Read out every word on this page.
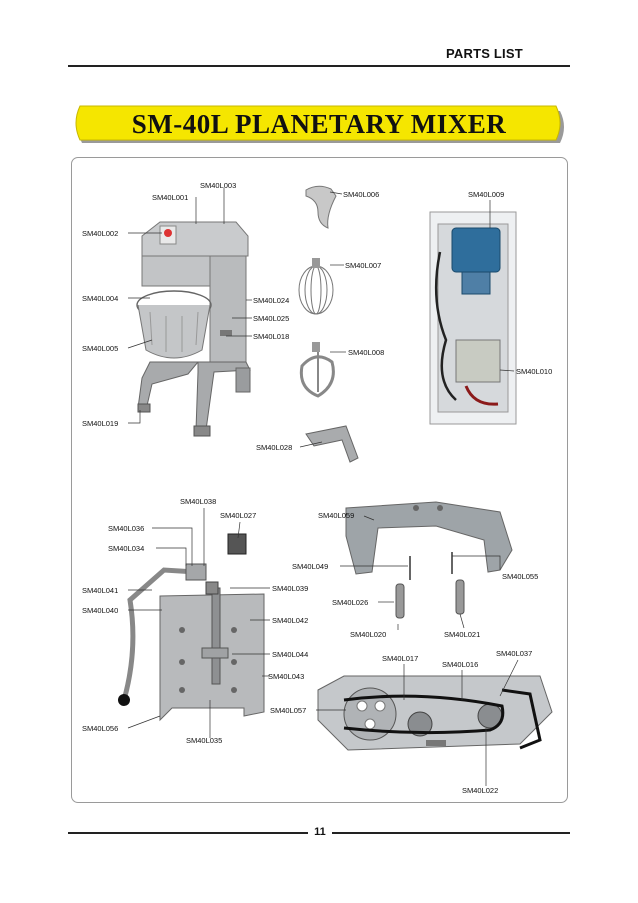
PARTS LIST
SM-40L PLANETARY MIXER
SM40L003
SM40L001
SM40L002
SM40L004
SM40L005
SM40L019
SM40L024
SM40L025
SM40L018
SM40L006
SM40L007
SM40L008
SM40L028
SM40L009
SM40L010
SM40L038
SM40L027
SM40L036
SM40L034
SM40L041
SM40L040
SM40L039
SM40L042
SM40L044
SM40L043
SM40L056
SM40L035
SM40L059
SM40L049
SM40L055
SM40L026
SM40L020	SM40L021
SM40L017
SM40L016
SM40L037
SM40L057
SM40L022
11
